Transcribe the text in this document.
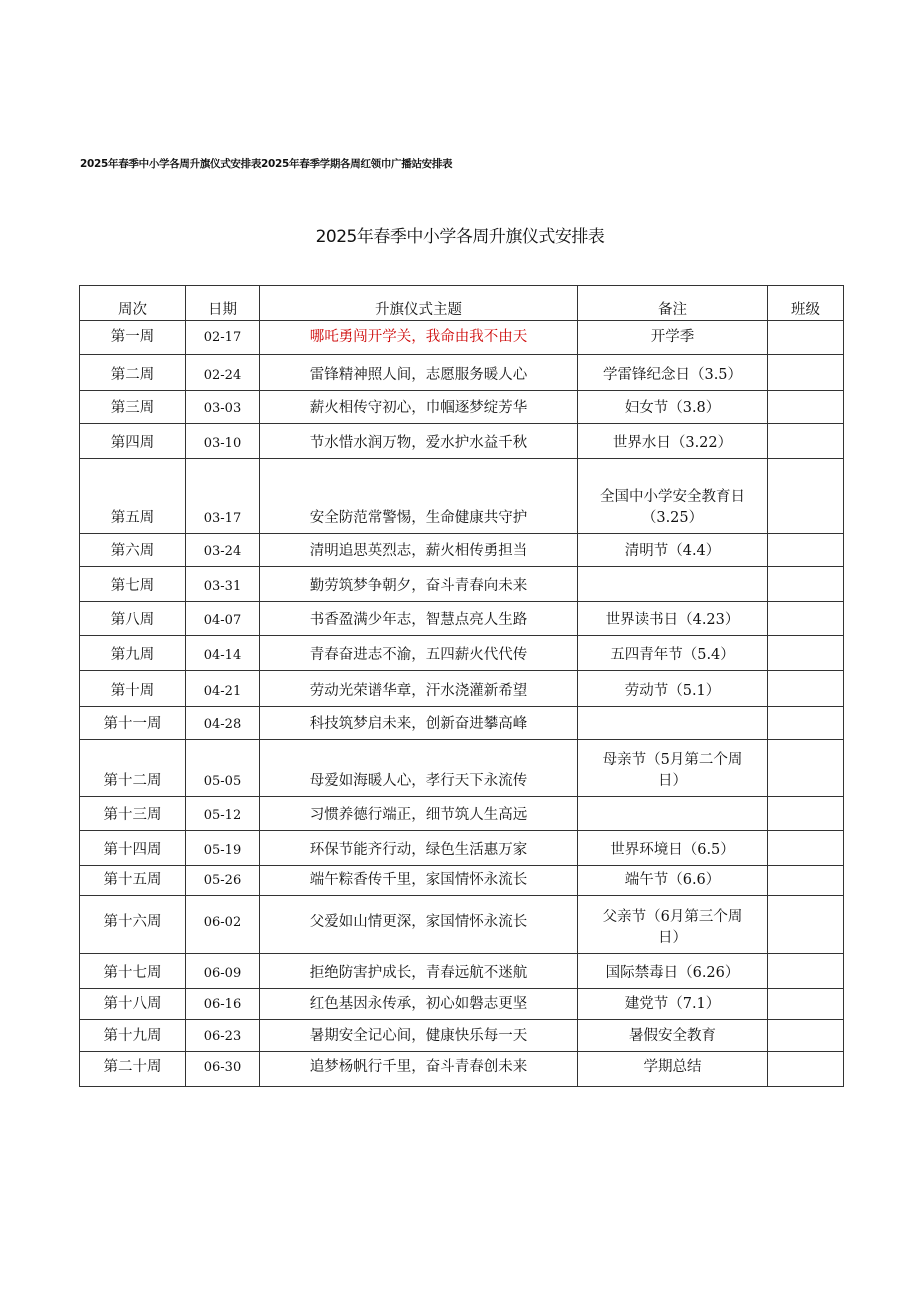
2025年春季中小学各周升旗仪式安排表2025年春季学期各周红领巾广播站安排表
2025年春季中小学各周升旗仪式安排表
周次	日期	升旗仪式主题	备注	班级
第一周	02-17	哪吒勇闯开学关，我命由我不由天	开学季	
第二周	02-24	雷锋精神照人间，志愿服务暖人心	学雷锋纪念日（3.5）	
第三周	03-03	薪火相传守初心，巾帼逐梦绽芳华	妇女节（3.8）	
第四周	03-10	节水惜水润万物，爱水护水益千秋	世界水日（3.22）	
第五周	03-17	安全防范常警惕，生命健康共守护	全国中小学安全教育日（3.25）	
第六周	03-24	清明追思英烈志，薪火相传勇担当	清明节（4.4）	
第七周	03-31	勤劳筑梦争朝夕，奋斗青春向未来		
第八周	04-07	书香盈满少年志，智慧点亮人生路	世界读书日（4.23）	
第九周	04-14	青春奋进志不渝，五四薪火代代传	五四青年节（5.4）	
第十周	04-21	劳动光荣谱华章，汗水浇灌新希望	劳动节（5.1）	
第十一周	04-28	科技筑梦启未来，创新奋进攀高峰		
第十二周	05-05	母爱如海暖人心，孝行天下永流传	母亲节（5月第二个周日）	
第十三周	05-12	习惯养德行端正，细节筑人生高远		
第十四周	05-19	环保节能齐行动，绿色生活惠万家	世界环境日（6.5）	
第十五周	05-26	端午粽香传千里，家国情怀永流长	端午节（6.6）	
第十六周	06-02	父爱如山情更深，家国情怀永流长	父亲节（6月第三个周日）	
第十七周	06-09	拒绝防害护成长，青春远航不迷航	国际禁毒日（6.26）	
第十八周	06-16	红色基因永传承，初心如磐志更坚	建党节（7.1）	
第十九周	06-23	暑期安全记心间，健康快乐每一天	暑假安全教育	
第二十周	06-30	追梦杨帆行千里，奋斗青春创未来	学期总结	
